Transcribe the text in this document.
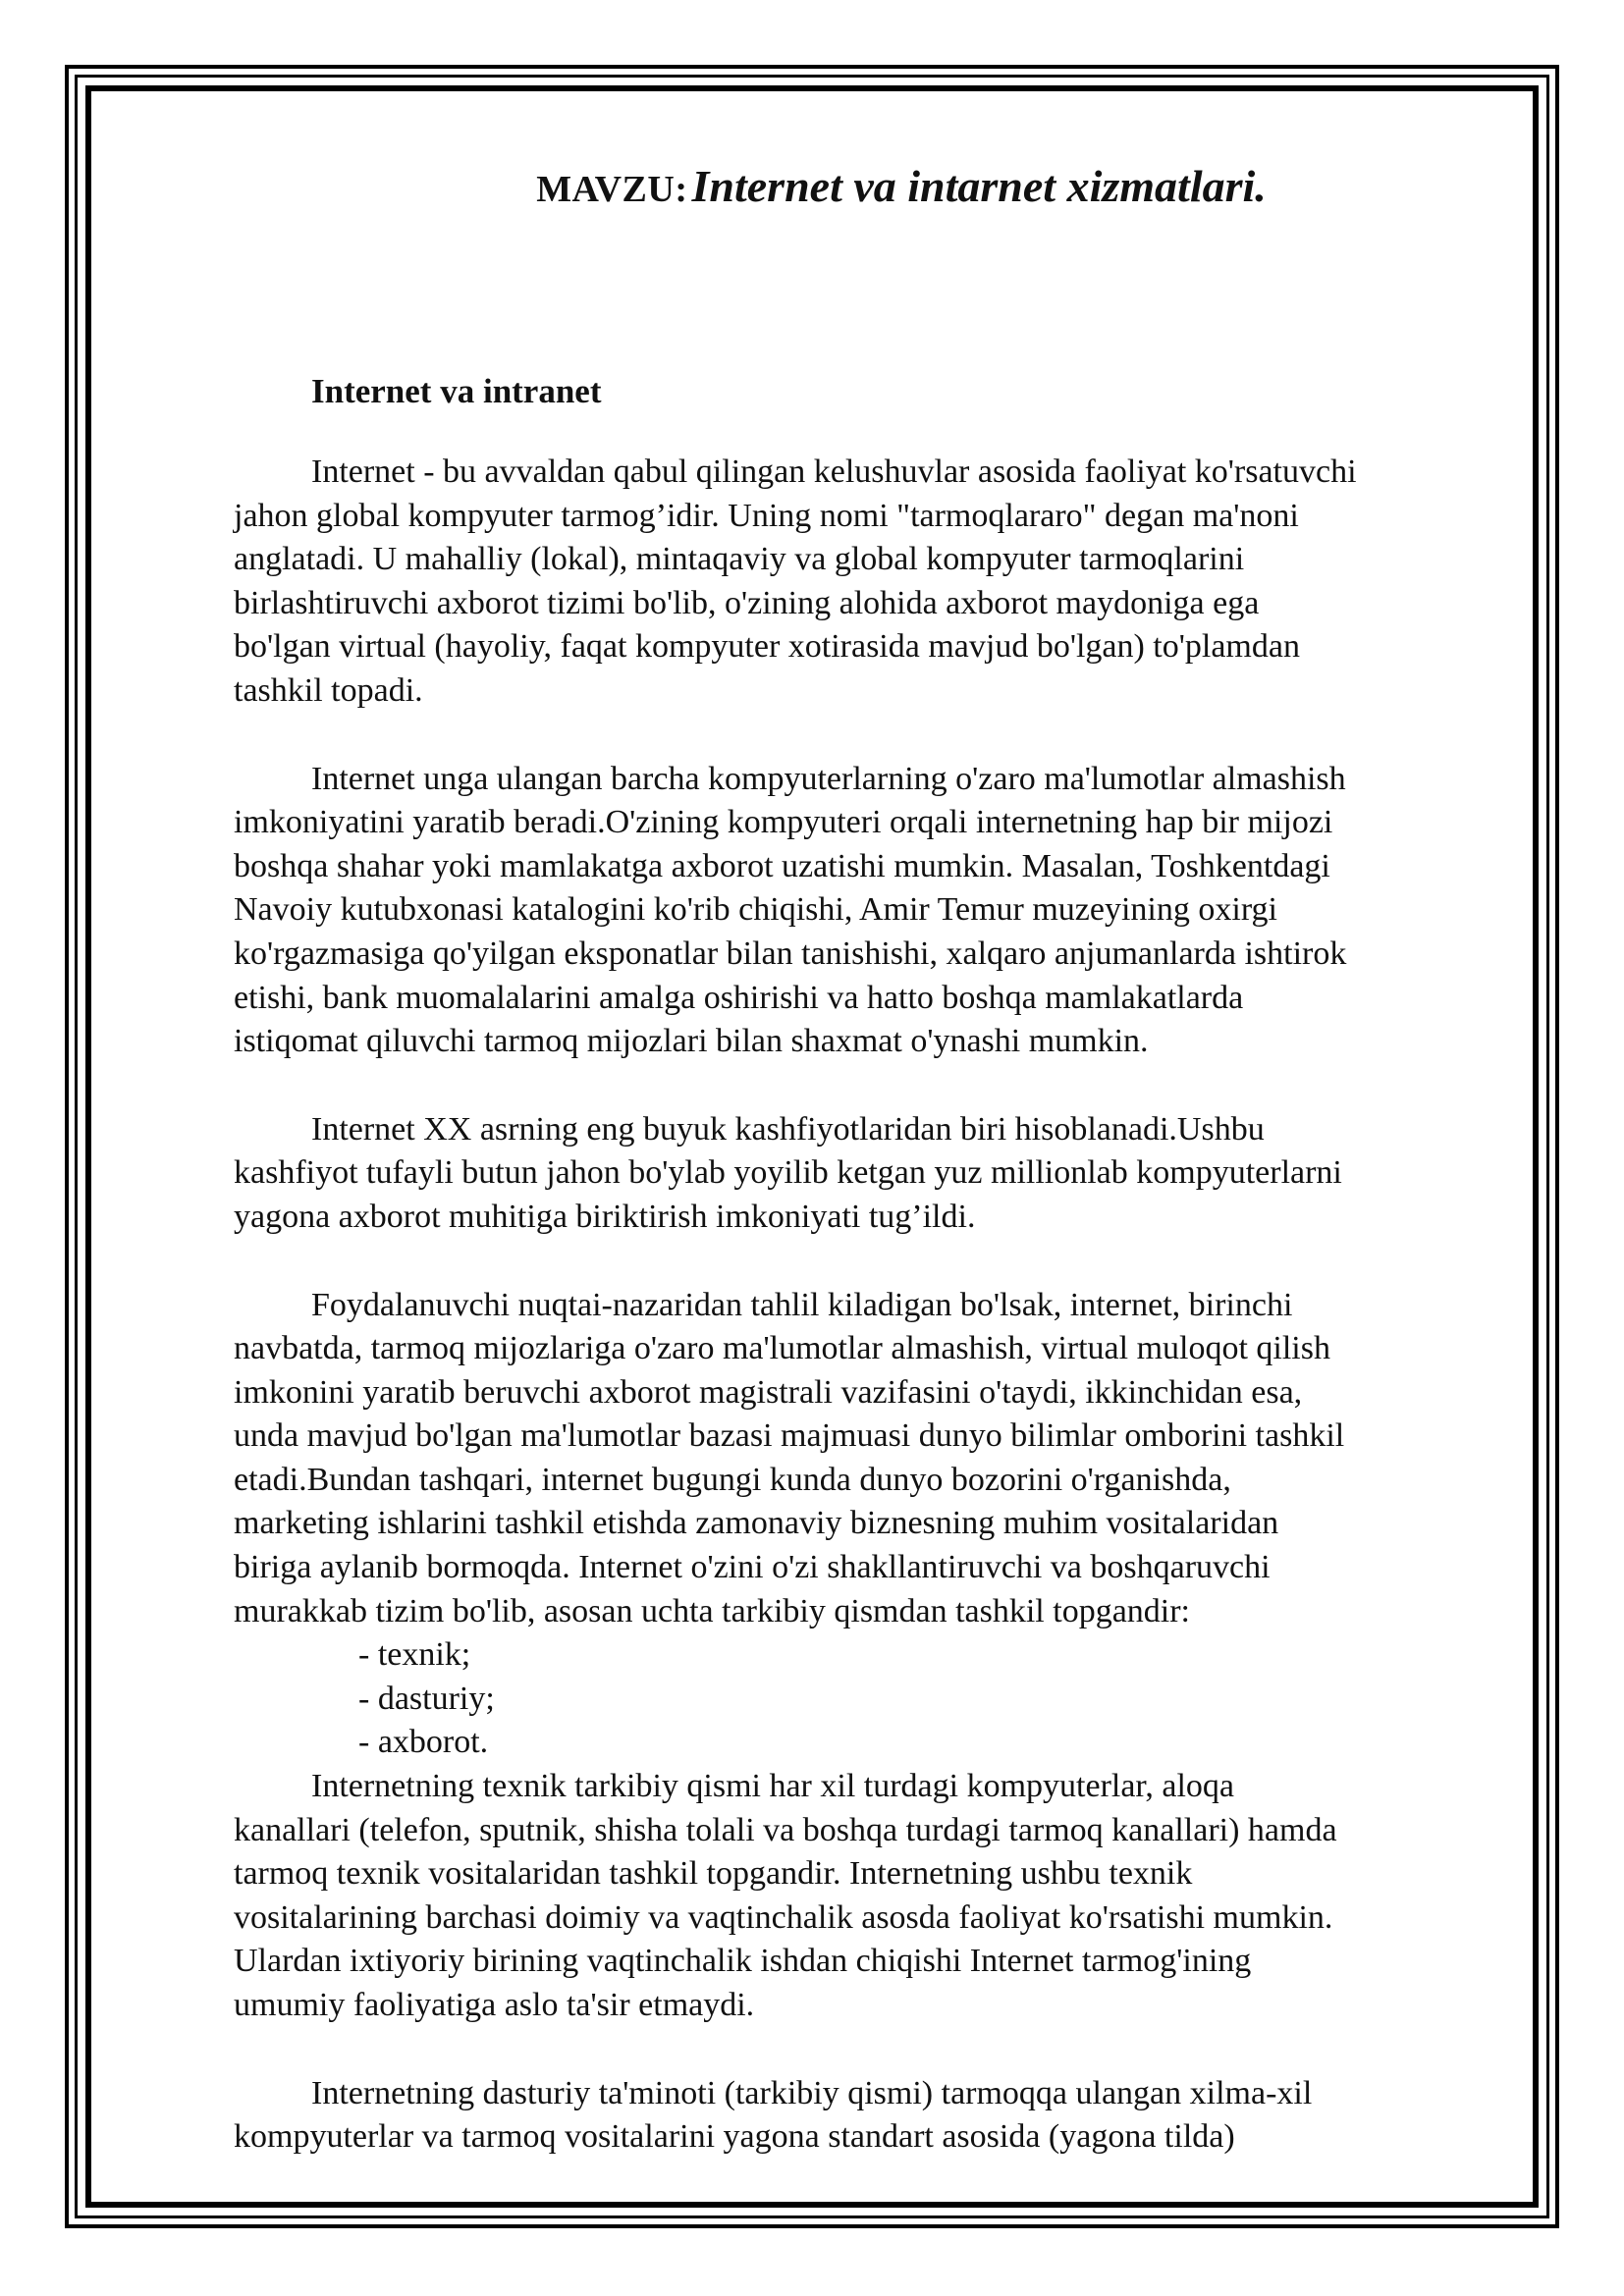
MAVZU: Internet va intarnet xizmatlari.
Internet va intranet
Internet - bu avvaldan qabul qilingan kelushuvlar asosida faoliyat ko'rsatuvchi
jahon global kompyuter tarmog’idir. Uning nomi "tarmoqlararo" degan ma'noni
anglatadi. U mahalliy (lokal), mintaqaviy va global kompyuter tarmoqlarini
birlashtiruvchi axborot tizimi bo'lib, o'zining alohida axborot maydoniga ega
bo'lgan virtual (hayoliy, faqat kompyuter xotirasida mavjud bo'lgan) to'plamdan
tashkil topadi.
Internet unga ulangan barcha kompyuterlarning o'zaro ma'lumotlar almashish
imkoniyatini yaratib beradi.O'zining kompyuteri orqali internetning hap bir mijozi
boshqa shahar yoki mamlakatga axborot uzatishi mumkin. Masalan, Toshkentdagi
Navoiy kutubxonasi katalogini ko'rib chiqishi, Amir Temur muzeyining oxirgi
ko'rgazmasiga qo'yilgan eksponatlar bilan tanishishi, xalqaro anjumanlarda ishtirok
etishi, bank muomalalarini amalga oshirishi va hatto boshqa mamlakatlarda
istiqomat qiluvchi tarmoq mijozlari bilan shaxmat o'ynashi mumkin.
Internet XX asrning eng buyuk kashfiyotlaridan biri hisoblanadi.Ushbu
kashfiyot tufayli butun jahon bo'ylab yoyilib ketgan yuz millionlab kompyuterlarni
yagona axborot muhitiga biriktirish imkoniyati tug’ildi.
Foydalanuvchi nuqtai-nazaridan tahlil kiladigan bo'lsak, internet, birinchi
navbatda, tarmoq mijozlariga o'zaro ma'lumotlar almashish, virtual muloqot qilish
imkonini yaratib beruvchi axborot magistrali vazifasini o'taydi, ikkinchidan esa,
unda mavjud bo'lgan ma'lumotlar bazasi majmuasi dunyo bilimlar omborini tashkil
etadi.Bundan tashqari, internet bugungi kunda dunyo bozorini o'rganishda,
marketing ishlarini tashkil etishda zamonaviy biznesning muhim vositalaridan
biriga aylanib bormoqda. Internet o'zini o'zi shakllantiruvchi va boshqaruvchi
murakkab tizim bo'lib, asosan uchta tarkibiy qismdan tashkil topgandir:
- texnik;
- dasturiy;
- axborot.
Internetning texnik tarkibiy qismi har xil turdagi kompyuterlar, aloqa
kanallari (telefon, sputnik, shisha tolali va boshqa turdagi tarmoq kanallari) hamda
tarmoq texnik vositalaridan tashkil topgandir. Internetning ushbu texnik
vositalarining barchasi doimiy va vaqtinchalik asosda faoliyat ko'rsatishi mumkin.
Ulardan ixtiyoriy birining vaqtinchalik ishdan chiqishi Internet tarmog'ining
umumiy faoliyatiga aslo ta'sir etmaydi.
Internetning dasturiy ta'minoti (tarkibiy qismi) tarmoqqa ulangan xilma-xil
kompyuterlar va tarmoq vositalarini yagona standart asosida (yagona tilda)
